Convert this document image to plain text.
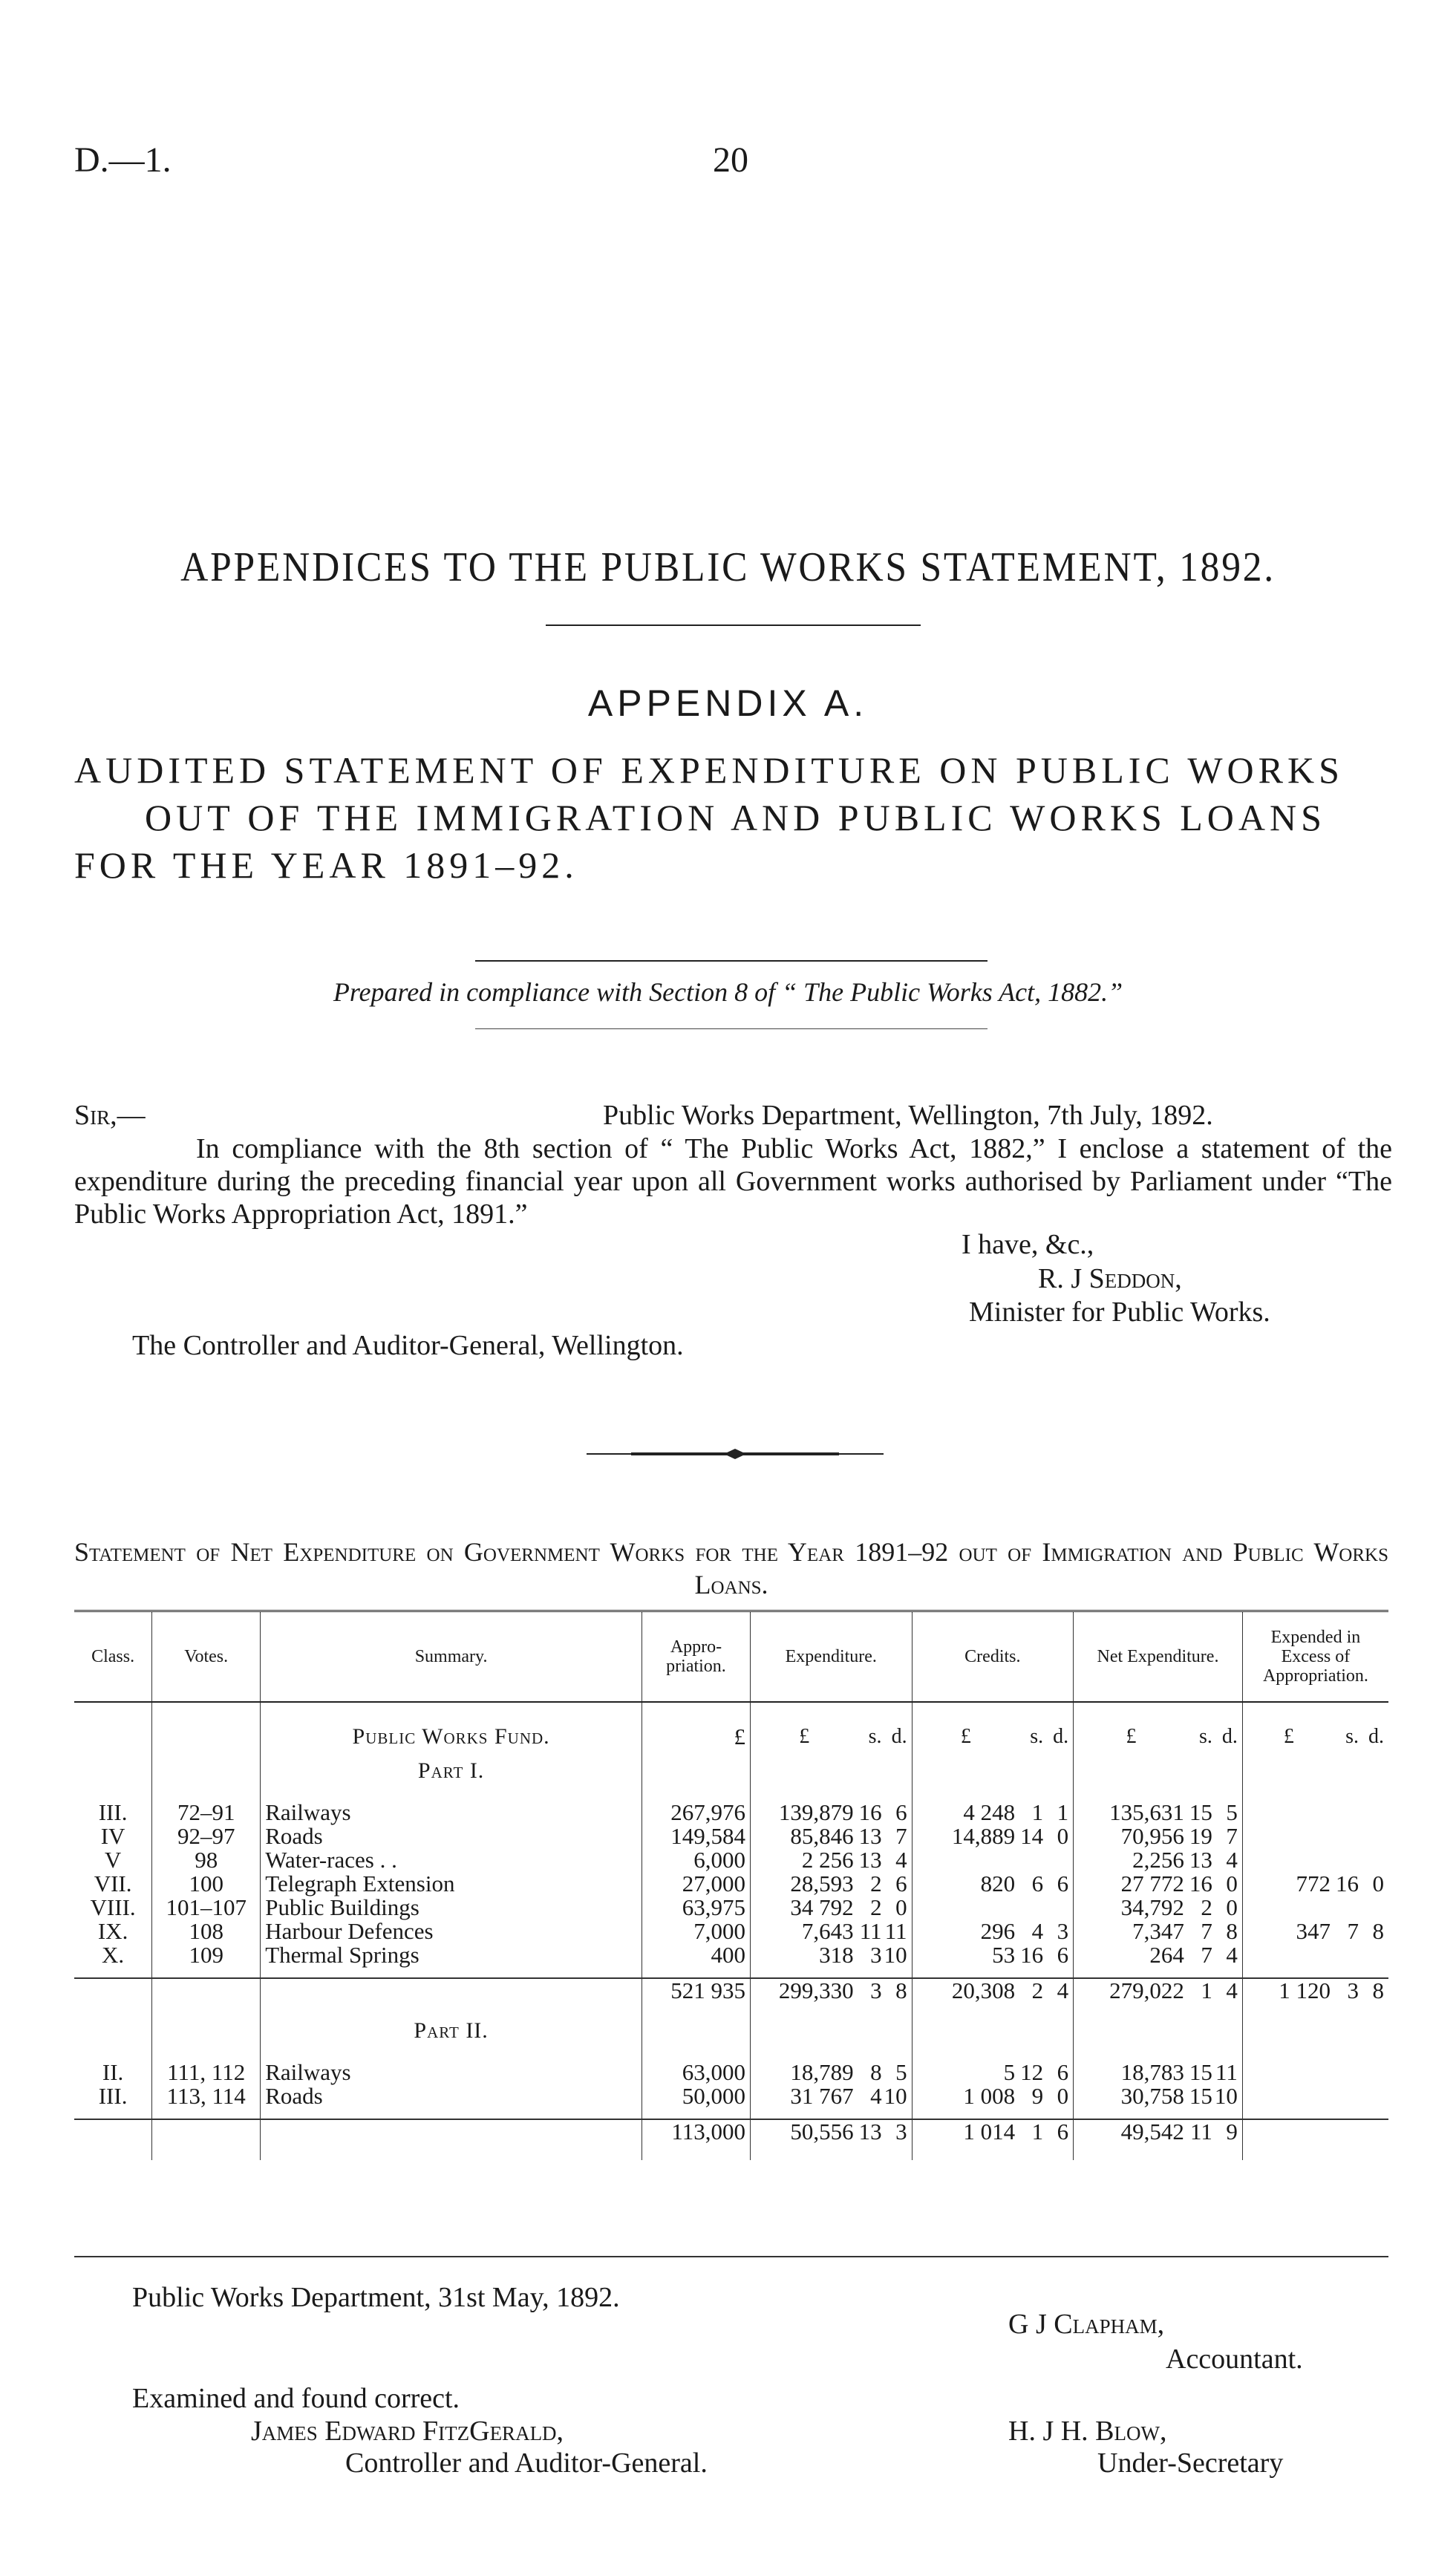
D.—1.	20
APPENDICES TO THE PUBLIC WORKS STATEMENT, 1892.
APPENDIX A.
AUDITED STATEMENT OF EXPENDITURE ON PUBLIC WORKS
OUT OF THE IMMIGRATION AND PUBLIC WORKS LOANS
FOR THE YEAR 1891–92.
Prepared in compliance with Section 8 of “ The Public Works Act, 1882.”
Sir,—	Public Works Department, Wellington, 7th July, 1892.

In compliance with the 8th section of “ The Public Works Act, 1882,” I enclose a statement of the expenditure during the preceding financial year upon all Government works authorised by Parliament under “The Public Works Appropriation Act, 1891.”

I have, &c.,
R. J Seddon,
Minister for Public Works.
The Controller and Auditor-General, Wellington.
Statement of Net Expenditure on Government Works for the Year 1891–92 out of Immigration and Public Works Loans.
Class.	Votes.	Summary.	Appro-priation.	Expenditure.	Credits.	Net Expenditure.	Expended in Excess of Appropriation.

		Public Works Fund.	£	£ s. d.	£ s. d.	£ s. d.	£ s. d.

		Part I.					
III.	72–91	Railways	267,976	139,879 16 6	4 248 1 1	135,631 15 5	

IV	92–97	Roads	149,584	85,846 13 7	14,889 14 0	70,956 19 7	

V	98	Water-races . .	6,000	2 256 13 4		2,256 13 4	

VII.	100	Telegraph Extension	27,000	28,593 2 6	820 6 6	27 772 16 0	772 16 0

VIII.	101–107	Public Buildings	63,975	34 792 2 0		34,792 2 0	

IX.	108	Harbour Defences	7,000	7,643 11 11	296 4 3	7,347 7 8	347 7 8

X.	109	Thermal Springs	400	318 3 10	53 16 6	264 7 4	

			521 935	299,330 3 8	20,308 2 4	279,022 1 4	1 120 3 8

		Part II.					
II.	111, 112	Railways	63,000	18,789 8 5	5 12 6	18,783 15 11	

III.	113, 114	Roads	50,000	31 767 4 10	1 008 9 0	30,758 15 10	

			113,000	50,556 13 3	1 014 1 6	49,542 11 9	

Public Works Department, 31st May, 1892.
G J Clapham,
Accountant.
Examined and found correct.
James Edward FitzGerald,
Controller and Auditor-General.
H. J H. Blow,
Under-Secretary
